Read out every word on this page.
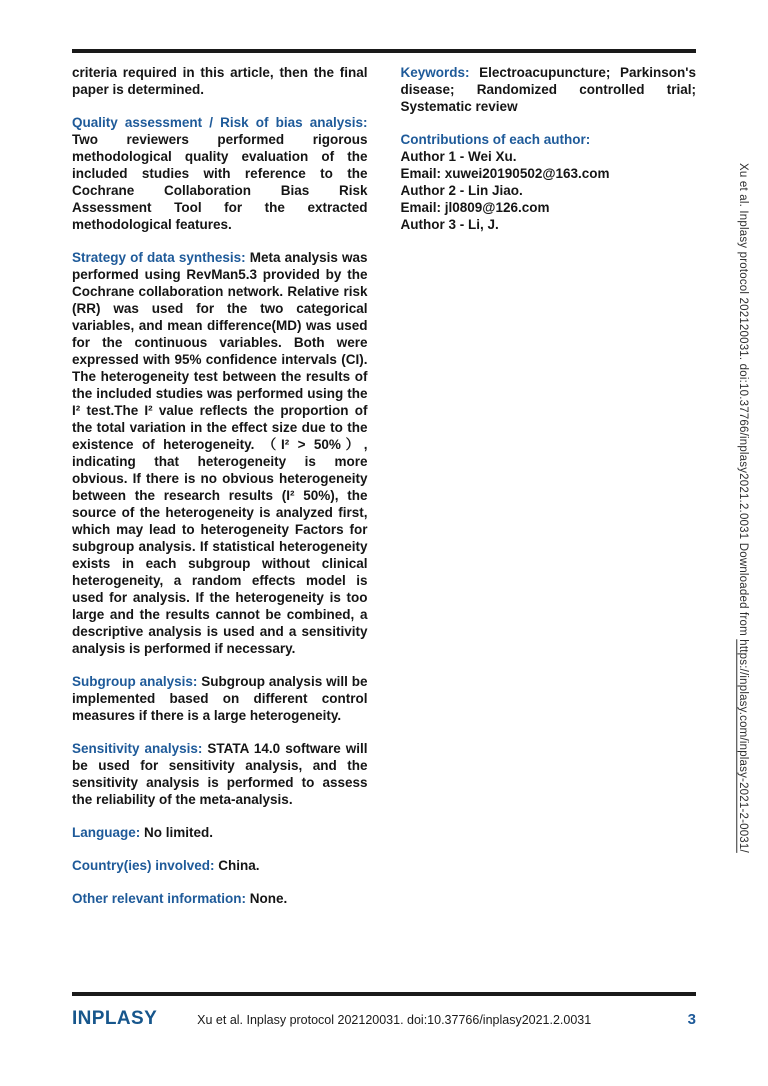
criteria required in this article, then the final paper is determined.

Quality assessment / Risk of bias analysis: Two reviewers performed rigorous methodological quality evaluation of the included studies with reference to the Cochrane Collaboration Bias Risk Assessment Tool for the extracted methodological features.

Strategy of data synthesis: Meta analysis was performed using RevMan5.3 provided by the Cochrane collaboration network. Relative risk (RR) was used for the two categorical variables, and mean difference(MD) was used for the continuous variables. Both were expressed with 95% confidence intervals (CI). The heterogeneity test between the results of the included studies was performed using the I² test.The I² value reflects the proportion of the total variation in the effect size due to the existence of heterogeneity. （I² > 50%）, indicating that heterogeneity is more obvious. If there is no obvious heterogeneity between the research results (I² 50%), the source of the heterogeneity is analyzed first, which may lead to heterogeneity Factors for subgroup analysis. If statistical heterogeneity exists in each subgroup without clinical heterogeneity, a random effects model is used for analysis. If the heterogeneity is too large and the results cannot be combined, a descriptive analysis is used and a sensitivity analysis is performed if necessary.

Subgroup analysis: Subgroup analysis will be implemented based on different control measures if there is a large heterogeneity.

Sensitivity analysis: STATA 14.0 software will be used for sensitivity analysis, and the sensitivity analysis is performed to assess the reliability of the meta-analysis.

Language: No limited.

Country(ies) involved: China.

Other relevant information: None.

Keywords: Electroacupuncture; Parkinson's disease; Randomized controlled trial; Systematic review

Contributions of each author:
Author 1 - Wei Xu.
Email: xuwei20190502@163.com
Author 2 - Lin Jiao.
Email: jl0809@126.com
Author 3 - Li, J.	Xu et al. Inplasy protocol 202120031. doi:10.37766/inplasy2021.2.0031 Downloaded from https://inplasy.com/inplasy-2021-2-0031/
INPLASY	Xu et al. Inplasy protocol 202120031. doi:10.37766/inplasy2021.2.0031	3
